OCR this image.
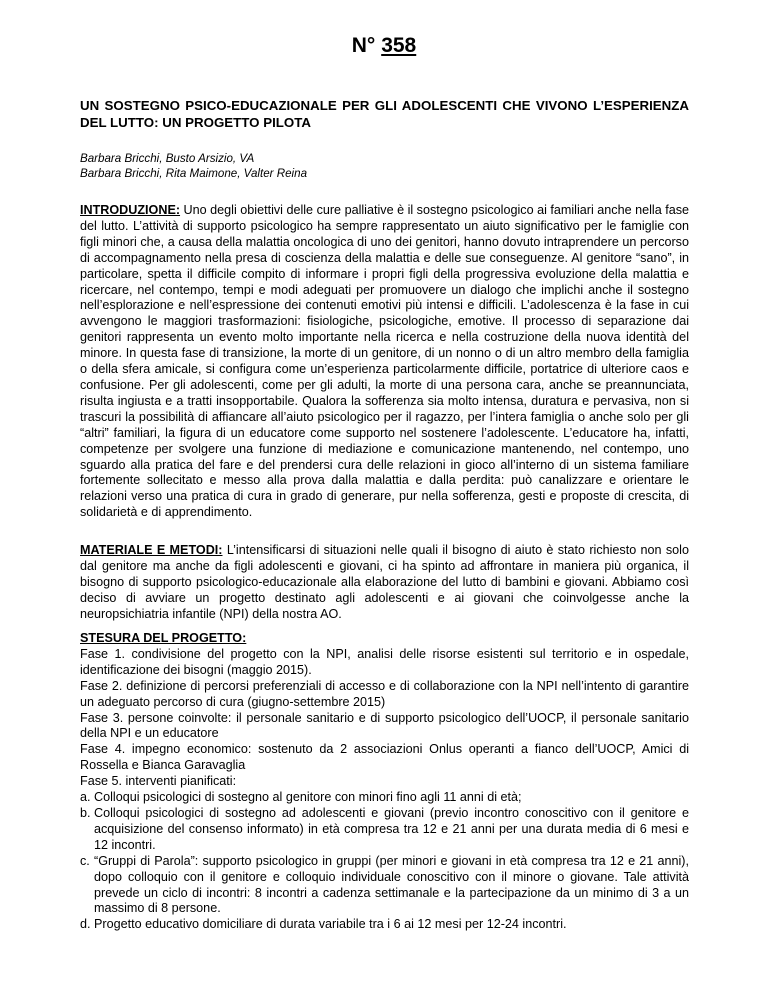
N° 358
UN SOSTEGNO PSICO-EDUCAZIONALE PER GLI ADOLESCENTI CHE VIVONO L’ESPERIENZA DEL LUTTO: UN PROGETTO PILOTA
Barbara Bricchi, Busto Arsizio, VA
Barbara Bricchi, Rita Maimone, Valter Reina

INTRODUZIONE: Uno degli obiettivi delle cure palliative è il sostegno psicologico ai familiari anche nella fase del lutto. L’attività di supporto psicologico ha sempre rappresentato un aiuto significativo per le famiglie con figli minori che, a causa della malattia oncologica di uno dei genitori, hanno dovuto intraprendere un percorso di accompagnamento nella presa di coscienza della malattia e delle sue conseguenze. Al genitore “sano”, in particolare, spetta il difficile compito di informare i propri figli della progressiva evoluzione della malattia e ricercare, nel contempo, tempi e modi adeguati per promuovere un dialogo che implichi anche il sostegno nell’esplorazione e nell’espressione dei contenuti emotivi più intensi e difficili. L’adolescenza è la fase in cui avvengono le maggiori trasformazioni: fisiologiche, psicologiche, emotive. Il processo di separazione dai genitori rappresenta un evento molto importante nella ricerca e nella costruzione della nuova identità del minore. In questa fase di transizione, la morte di un genitore, di un nonno o di un altro membro della famiglia o della sfera amicale, si configura come un’esperienza particolarmente difficile, portatrice di ulteriore caos e confusione. Per gli adolescenti, come per gli adulti, la morte di una persona cara, anche se preannunciata, risulta ingiusta e a tratti insopportabile. Qualora la sofferenza sia molto intensa, duratura e pervasiva, non si trascuri la possibilità di affiancare all’aiuto psicologico per il ragazzo, per l’intera famiglia o anche solo per gli “altri” familiari, la figura di un educatore come supporto nel sostenere l’adolescente. L’educatore ha, infatti, competenze per svolgere una funzione di mediazione e comunicazione mantenendo, nel contempo, uno sguardo alla pratica del fare e del prendersi cura delle relazioni in gioco all’interno di un sistema familiare fortemente sollecitato e messo alla prova dalla malattia e dalla perdita: può canalizzare e orientare le relazioni verso una pratica di cura in grado di generare, pur nella sofferenza, gesti e proposte di crescita, di solidarietà e di apprendimento.

MATERIALE E METODI: L’intensificarsi di situazioni nelle quali il bisogno di aiuto è stato richiesto non solo dal genitore ma anche da figli adolescenti e giovani, ci ha spinto ad affrontare in maniera più organica, il bisogno di supporto psicologico-educazionale alla elaborazione del lutto di bambini e giovani. Abbiamo così deciso di avviare un progetto destinato agli adolescenti e ai giovani che coinvolgesse anche la neuropsichiatria infantile (NPI) della nostra AO.

STESURA DEL PROGETTO:
Fase 1. condivisione del progetto con la NPI, analisi delle risorse esistenti sul territorio e in ospedale, identificazione dei bisogni (maggio 2015).
Fase 2. definizione di percorsi preferenziali di accesso e di collaborazione con la NPI nell’intento di garantire un adeguato percorso di cura (giugno-settembre 2015)
Fase 3. persone coinvolte: il personale sanitario e di supporto psicologico dell’UOCP, il personale sanitario della NPI e un educatore
Fase 4. impegno economico: sostenuto da 2 associazioni Onlus operanti a fianco dell’UOCP, Amici di Rossella e Bianca Garavaglia
Fase 5. interventi pianificati:
a. Colloqui psicologici di sostegno al genitore con minori fino agli 11 anni di età;
b. Colloqui psicologici di sostegno ad adolescenti e giovani (previo incontro conoscitivo con il genitore e acquisizione del consenso informato) in età compresa tra 12 e 21 anni per una durata media di 6 mesi e 12 incontri.
c. “Gruppi di Parola”: supporto psicologico in gruppi (per minori e giovani in età compresa tra 12 e 21 anni), dopo colloquio con il genitore e colloquio individuale conoscitivo con il minore o giovane. Tale attività prevede un ciclo di incontri: 8 incontri a cadenza settimanale e la partecipazione da un minimo di 3 a un massimo di 8 persone.
d. Progetto educativo domiciliare di durata variabile tra i 6 ai 12 mesi per 12-24 incontri.
